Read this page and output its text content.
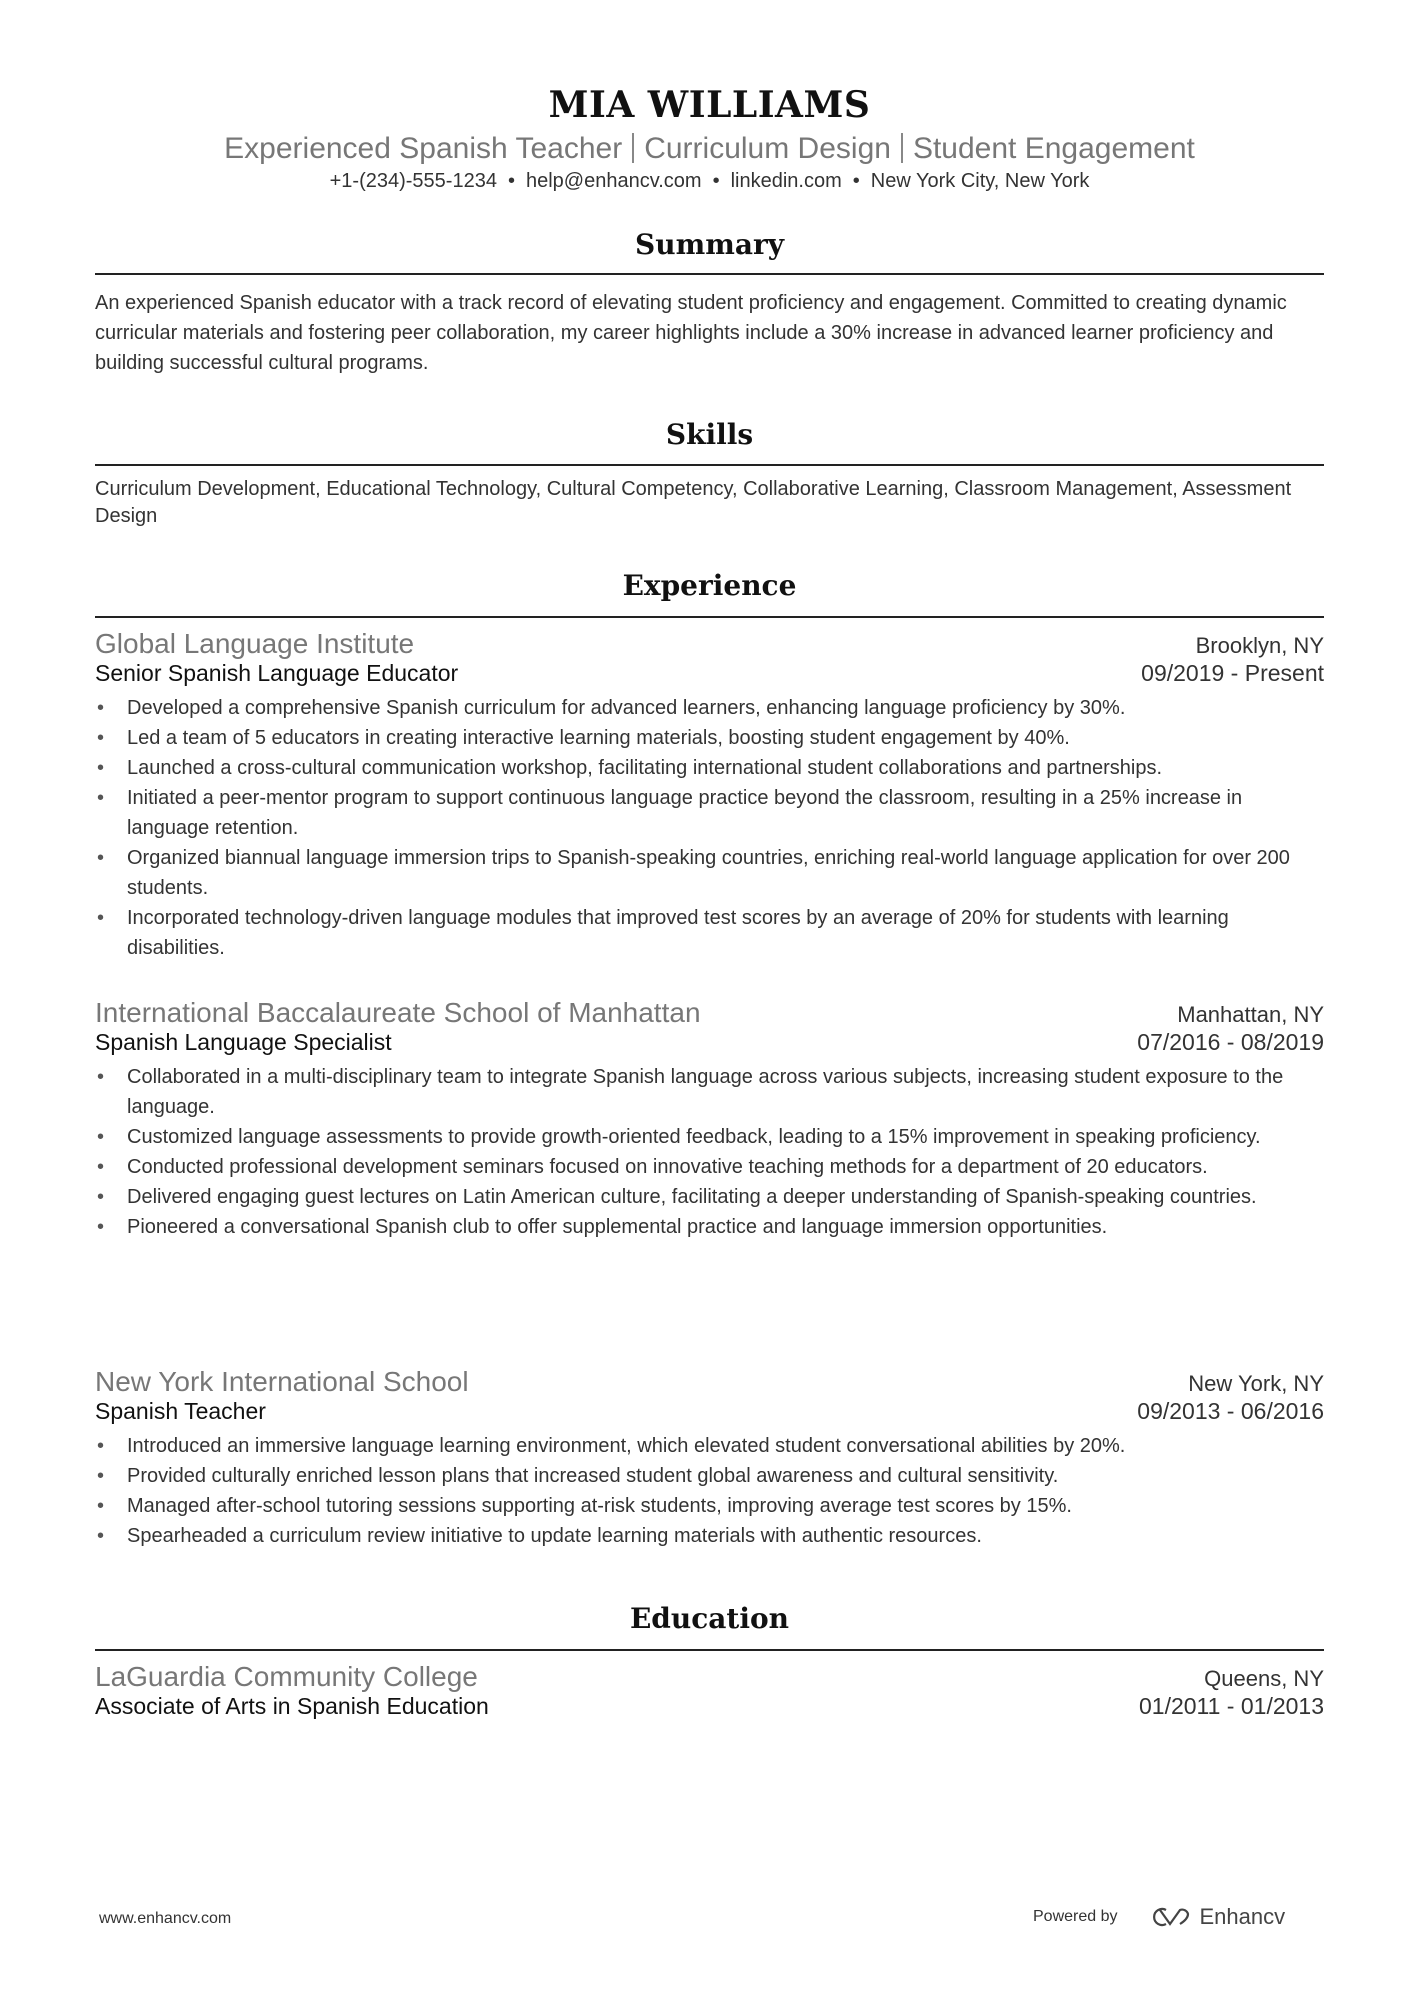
MIA WILLIAMS
Experienced Spanish Teacher Curriculum Design Student Engagement
+1-(234)-555-1234 • help@enhancv.com • linkedin.com • New York City, New York
Summary
An experienced Spanish educator with a track record of elevating student proficiency and engagement. Committed to creating dynamic curricular materials and fostering peer collaboration, my career highlights include a 30% increase in advanced learner proficiency and building successful cultural programs.
Skills
Curriculum Development, Educational Technology, Cultural Competency, Collaborative Learning, Classroom Management, Assessment Design
Experience
Global Language Institute	Brooklyn, NY
Senior Spanish Language Educator	09/2019 - Present
• Developed a comprehensive Spanish curriculum for advanced learners, enhancing language proficiency by 30%.
• Led a team of 5 educators in creating interactive learning materials, boosting student engagement by 40%.
• Launched a cross-cultural communication workshop, facilitating international student collaborations and partnerships.
• Initiated a peer-mentor program to support continuous language practice beyond the classroom, resulting in a 25% increase in language retention.
• Organized biannual language immersion trips to Spanish-speaking countries, enriching real-world language application for over 200 students.
• Incorporated technology-driven language modules that improved test scores by an average of 20% for students with learning disabilities.
International Baccalaureate School of Manhattan	Manhattan, NY
Spanish Language Specialist	07/2016 - 08/2019
• Collaborated in a multi-disciplinary team to integrate Spanish language across various subjects, increasing student exposure to the language.
• Customized language assessments to provide growth-oriented feedback, leading to a 15% improvement in speaking proficiency.
• Conducted professional development seminars focused on innovative teaching methods for a department of 20 educators.
• Delivered engaging guest lectures on Latin American culture, facilitating a deeper understanding of Spanish-speaking countries.
• Pioneered a conversational Spanish club to offer supplemental practice and language immersion opportunities.
New York International School	New York, NY
Spanish Teacher	09/2013 - 06/2016
• Introduced an immersive language learning environment, which elevated student conversational abilities by 20%.
• Provided culturally enriched lesson plans that increased student global awareness and cultural sensitivity.
• Managed after-school tutoring sessions supporting at-risk students, improving average test scores by 15%.
• Spearheaded a curriculum review initiative to update learning materials with authentic resources.
Education
LaGuardia Community College	Queens, NY
Associate of Arts in Spanish Education	01/2011 - 01/2013
www.enhancv.com	Powered by	Enhancv
